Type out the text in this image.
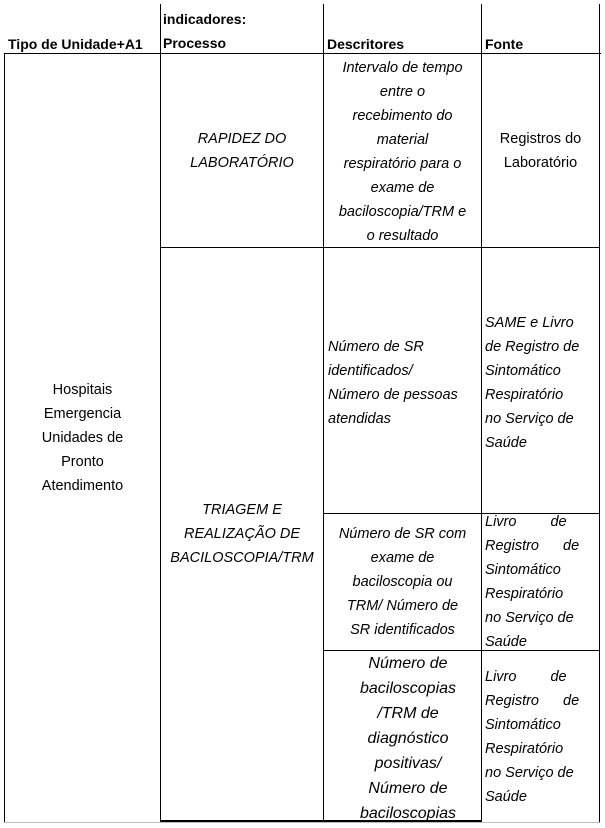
Tipo de Unidade+A1
indicadores:
Processo	Descritores	Fonte
Hospitais
Emergencia
Unidades de
Pronto
Atendimento
RAPIDEZ DO
LABORATÓRIO
Intervalo de tempo
entre o
recebimento do
material
respiratório para o
exame de
baciloscopia/TRM e
o resultado
Registros do
Laboratório
TRIAGEM E
REALIZAÇÃO DE
BACILOSCOPIA/TRM
Número de SR
identificados/
Número de pessoas
atendidas
SAME e Livro
de Registro de
Sintomático
Respiratório
no Serviço de
Saúde
Número de SR com
exame de
baciloscopia ou
TRM/ Número de
SR identificados
Livro de
Registro de
Sintomático
Respiratório
no Serviço de
Saúde
Número de
baciloscopias
/TRM de
diagnóstico
positivas/
Número de
baciloscopias
Livro de
Registro de
Sintomático
Respiratório
no Serviço de
Saúde
